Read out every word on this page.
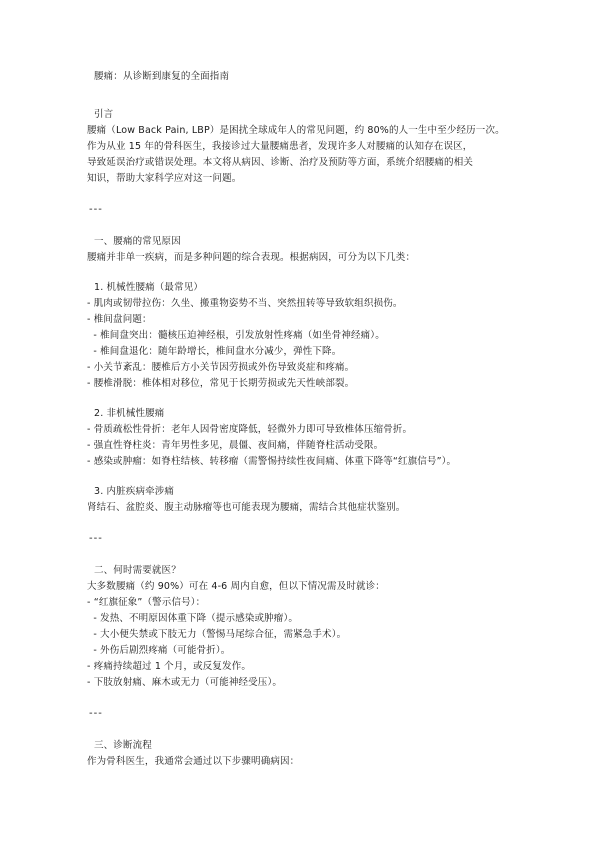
腰痛：从诊断到康复的全面指南
引言
腰痛（Low Back Pain, LBP）是困扰全球成年人的常见问题，约 80%的人一生中至少经历一次。
作为从业 15 年的骨科医生，我接诊过大量腰痛患者，发现许多人对腰痛的认知存在误区，
导致延误治疗或错误处理。本文将从病因、诊断、治疗及预防等方面，系统介绍腰痛的相关
知识，帮助大家科学应对这一问题。
---
一、腰痛的常见原因
腰痛并非单一疾病，而是多种问题的综合表现。根据病因，可分为以下几类：
1. 机械性腰痛（最常见）
- 肌肉或韧带拉伤：久坐、搬重物姿势不当、突然扭转等导致软组织损伤。
- 椎间盘问题：
- 椎间盘突出：髓核压迫神经根，引发放射性疼痛（如坐骨神经痛）。
- 椎间盘退化：随年龄增长，椎间盘水分减少，弹性下降。
- 小关节紊乱：腰椎后方小关节因劳损或外伤导致炎症和疼痛。
- 腰椎滑脱：椎体相对移位，常见于长期劳损或先天性峡部裂。
2. 非机械性腰痛
- 骨质疏松性骨折：老年人因骨密度降低，轻微外力即可导致椎体压缩骨折。
- 强直性脊柱炎：青年男性多见，晨僵、夜间痛，伴随脊柱活动受限。
- 感染或肿瘤：如脊柱结核、转移瘤（需警惕持续性夜间痛、体重下降等“红旗信号”）。
3. 内脏疾病牵涉痛
肾结石、盆腔炎、腹主动脉瘤等也可能表现为腰痛，需结合其他症状鉴别。
---
二、何时需要就医？
大多数腰痛（约 90%）可在 4-6 周内自愈，但以下情况需及时就诊：
- “红旗征象”（警示信号）：
- 发热、不明原因体重下降（提示感染或肿瘤）。
- 大小便失禁或下肢无力（警惕马尾综合征，需紧急手术）。
- 外伤后剧烈疼痛（可能骨折）。
- 疼痛持续超过 1 个月，或反复发作。
- 下肢放射痛、麻木或无力（可能神经受压）。
---
三、诊断流程
作为骨科医生，我通常会通过以下步骤明确病因：
